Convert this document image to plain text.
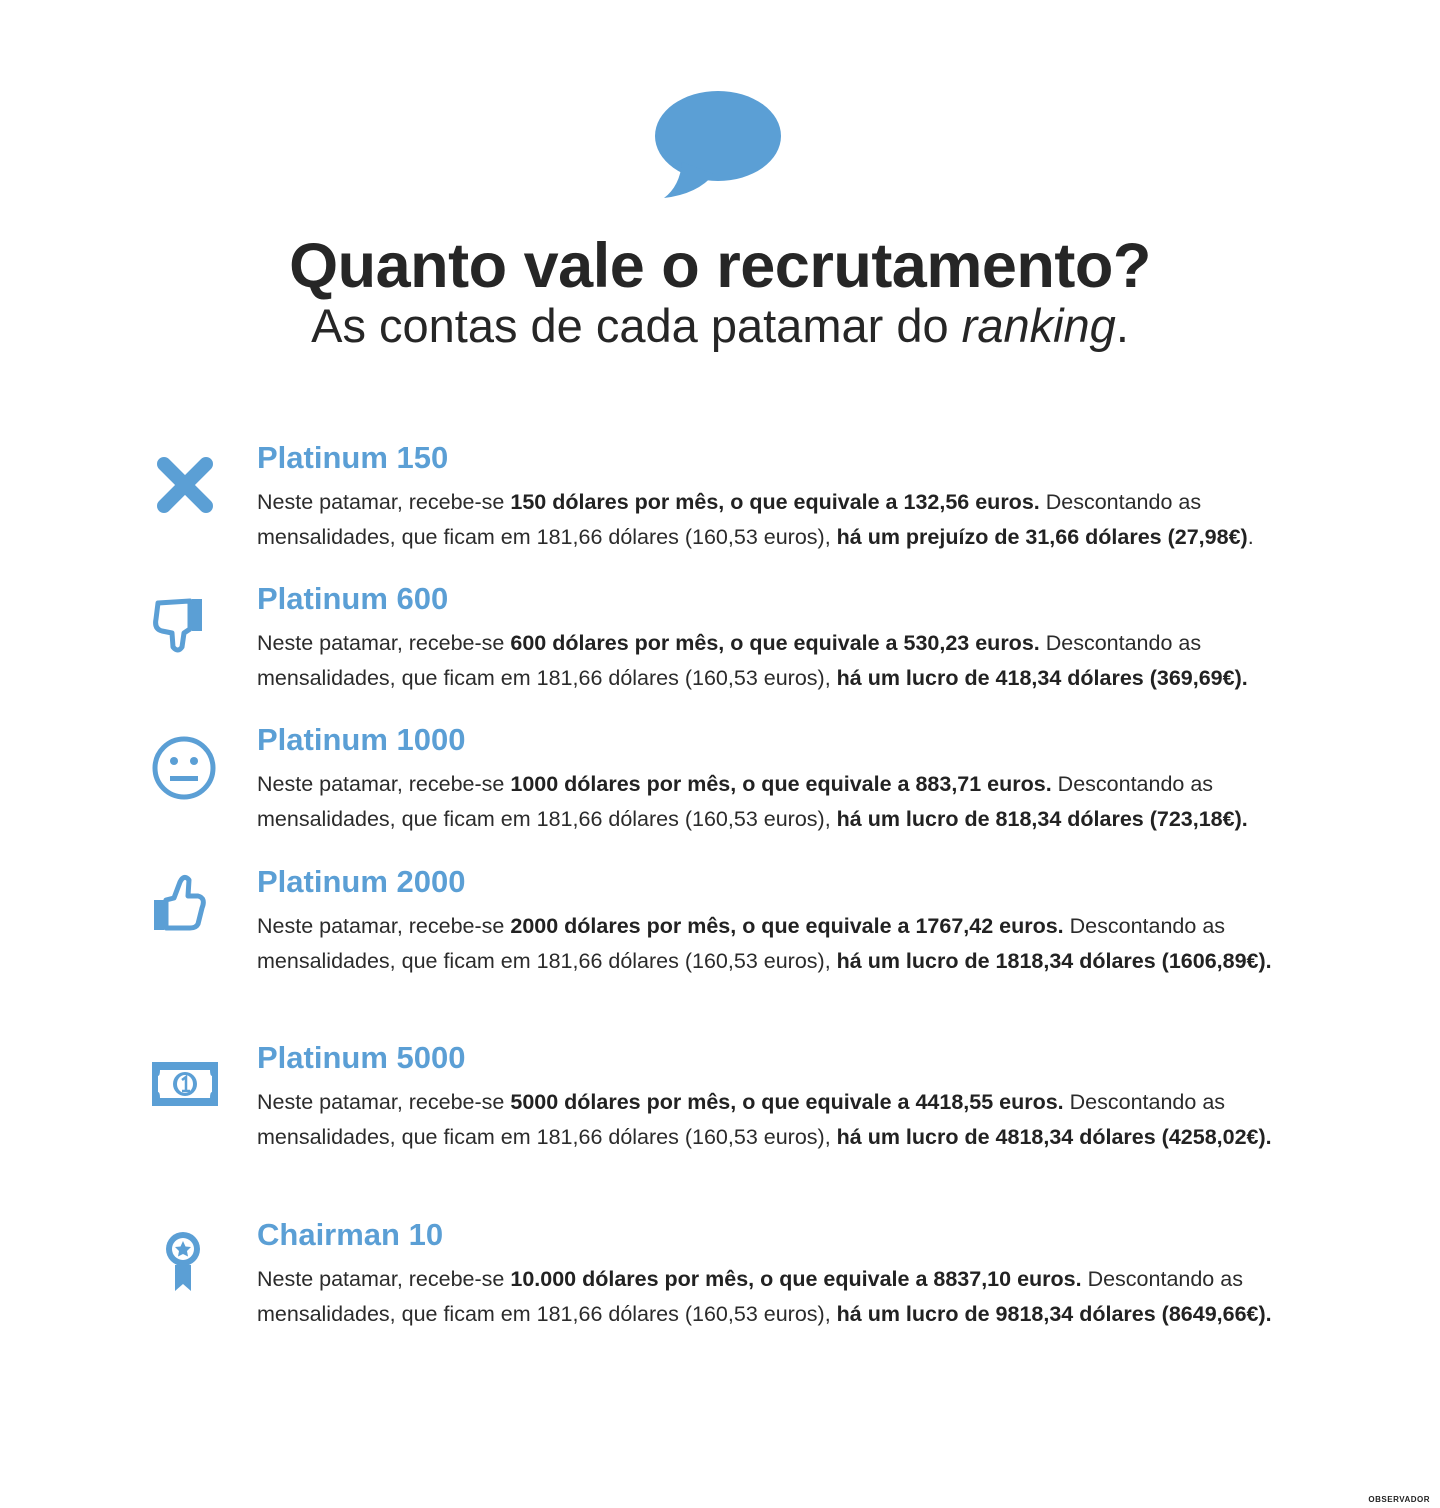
Quanto vale o recrutamento?
As contas de cada patamar do ranking.
Platinum 150

Neste patamar, recebe-se 150 dólares por mês, o que equivale a 132,56 euros. Descontando as mensalidades, que ficam em 181,66 dólares (160,53 euros), há um prejuízo de 31,66 dólares (27,98€).

Platinum 600

Neste patamar, recebe-se 600 dólares por mês, o que equivale a 530,23 euros. Descontando as mensalidades, que ficam em 181,66 dólares (160,53 euros), há um lucro de 418,34 dólares (369,69€).

Platinum 1000

Neste patamar, recebe-se 1000 dólares por mês, o que equivale a 883,71 euros. Descontando as mensalidades, que ficam em 181,66 dólares (160,53 euros), há um lucro de 818,34 dólares (723,18€).

Platinum 2000

Neste patamar, recebe-se 2000 dólares por mês, o que equivale a 1767,42 euros. Descontando as mensalidades, que ficam em 181,66 dólares (160,53 euros), há um lucro de 1818,34 dólares (1606,89€).

Platinum 5000

Neste patamar, recebe-se 5000 dólares por mês, o que equivale a 4418,55 euros. Descontando as mensalidades, que ficam em 181,66 dólares (160,53 euros), há um lucro de 4818,34 dólares (4258,02€).

Chairman 10

Neste patamar, recebe-se 10.000 dólares por mês, o que equivale a 8837,10 euros. Descontando as mensalidades, que ficam em 181,66 dólares (160,53 euros), há um lucro de 9818,34 dólares (8649,66€).

OBSERVADOR
